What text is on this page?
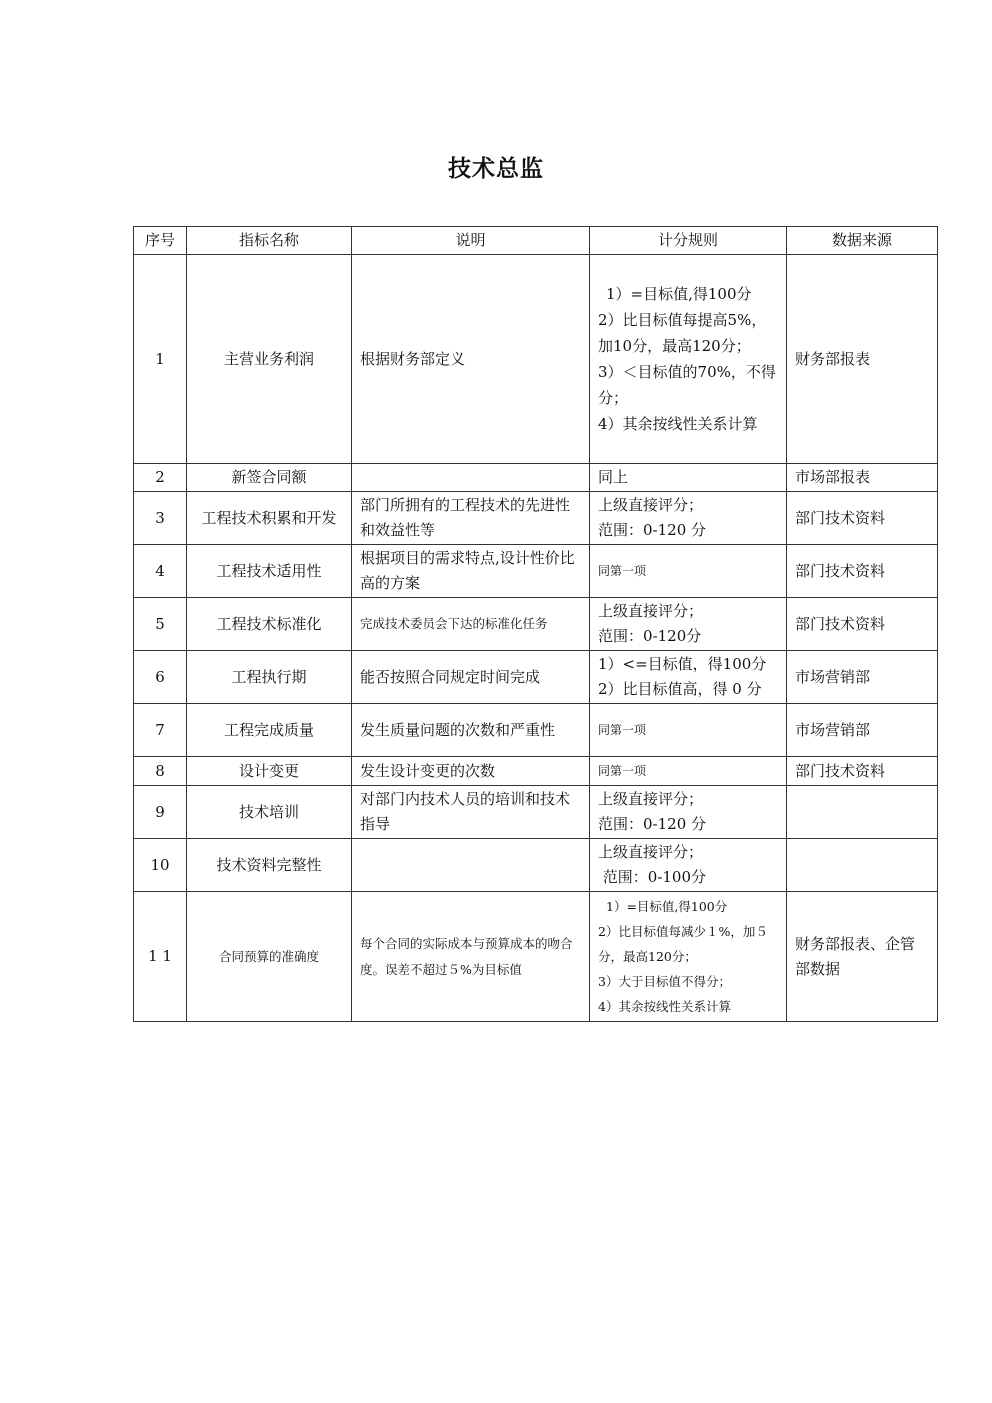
技术总监
序号	指标名称	说明	计分规则	数据来源
1	主营业务利润	根据财务部定义	1）=目标值,得100分
2）比目标值每提高5%，加10分，最高120分；
3）＜目标值的70%，不得分；
4）其余按线性关系计算	财务部报表
2	新签合同额		同上	市场部报表
3	工程技术积累和开发	部门所拥有的工程技术的先进性和效益性等	上级直接评分；
范围：0-120 分	部门技术资料
4	工程技术适用性	根据项目的需求特点,设计性价比高的方案	同第一项	部门技术资料
5	工程技术标准化	完成技术委员会下达的标准化任务	上级直接评分；
范围：0-120分	部门技术资料
6	工程执行期	能否按照合同规定时间完成	1）<=目标值，得100分
2）比目标值高，得 0 分	市场营销部
7	工程完成质量	发生质量问题的次数和严重性	同第一项	市场营销部
8	设计变更	发生设计变更的次数	同第一项	部门技术资料
9	技术培训	对部门内技术人员的培训和技术指导	上级直接评分；
范围：0-120 分	

10	技术资料完整性		上级直接评分；
范围：0-100分	

1 1	合同预算的准确度	每个合同的实际成本与预算成本的吻合度。误差不超过５%为目标值	1）=目标值,得100分
2）比目标值每减少１%，加５分，最高120分；
3）大于目标值不得分；
4）其余按线性关系计算	财务部报表、企管部数据
